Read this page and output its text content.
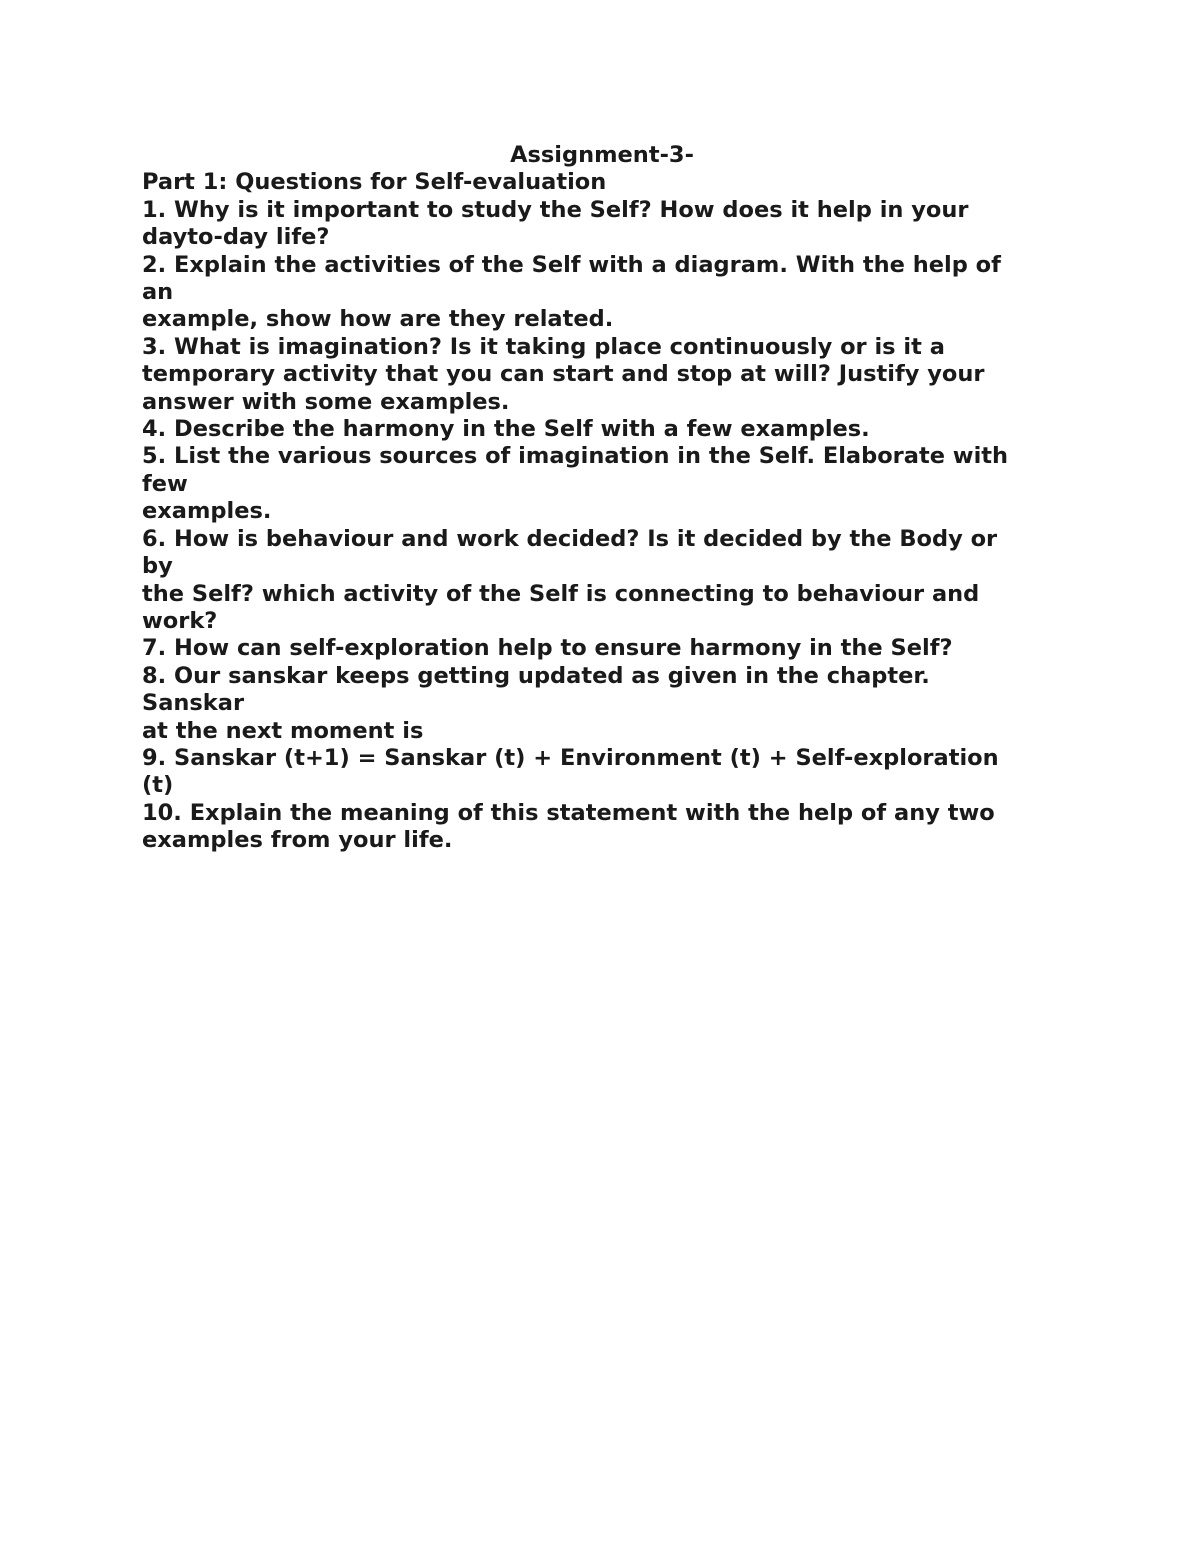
Assignment-3-
Part 1: Questions for Self-evaluation
1. Why is it important to study the Self? How does it help in your
dayto-day life?
2. Explain the activities of the Self with a diagram. With the help of
an
example, show how are they related.
3. What is imagination? Is it taking place continuously or is it a
temporary activity that you can start and stop at will? Justify your
answer with some examples.
4. Describe the harmony in the Self with a few examples.
5. List the various sources of imagination in the Self. Elaborate with
few
examples.
6. How is behaviour and work decided? Is it decided by the Body or
by
the Self? which activity of the Self is connecting to behaviour and
work?
7. How can self-exploration help to ensure harmony in the Self?
8. Our sanskar keeps getting updated as given in the chapter.
Sanskar
at the next moment is
9. Sanskar (t+1) = Sanskar (t) + Environment (t) + Self-exploration
(t)
10. Explain the meaning of this statement with the help of any two
examples from your life.
